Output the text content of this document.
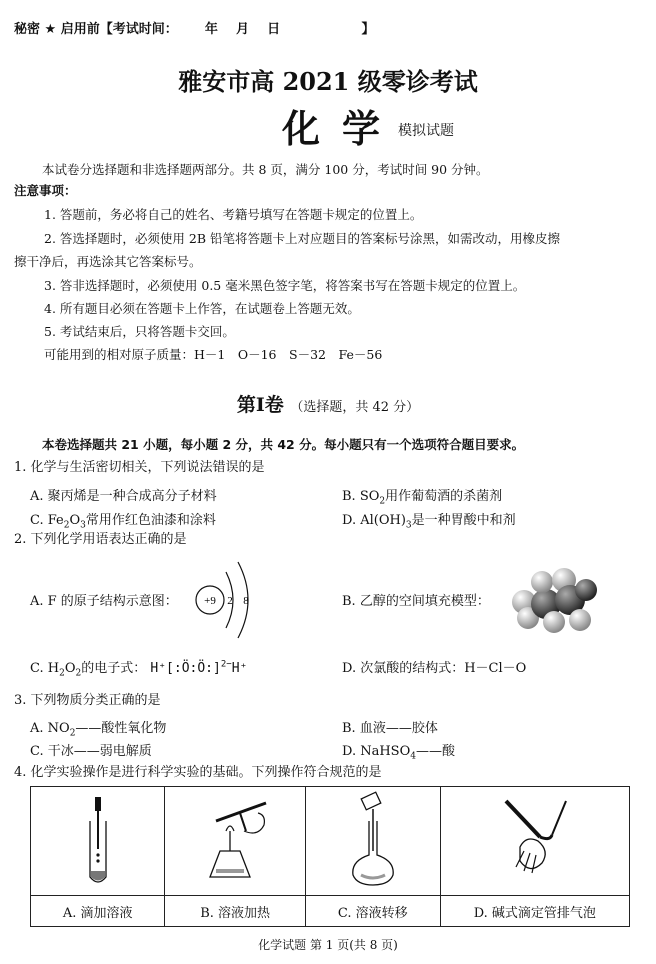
秘密 ★ 启用前【考试时间：      年    月    日                  】
雅安市高 2021 级零诊考试
化学
模拟试题
本试卷分选择题和非选择题两部分。共 8 页，满分 100 分，考试时间 90 分钟。
注意事项：
1. 答题前，务必将自己的姓名、考籍号填写在答题卡规定的位置上。
2. 答选择题时，必须使用 2B 铅笔将答题卡上对应题目的答案标号涂黑，如需改动，用橡皮擦
擦干净后，再选涂其它答案标号。
3. 答非选择题时，必须使用 0.5 毫米黑色签字笔，将答案书写在答题卡规定的位置上。
4. 所有题目必须在答题卡上作答，在试题卷上答题无效。
5. 考试结束后，只将答题卡交回。
可能用到的相对原子质量：H－1　O－16　S－32　Fe－56
第Ⅰ卷 （选择题，共 42 分）
本卷选择题共 21 小题，每小题 2 分，共 42 分。每小题只有一个选项符合题目要求。
1. 化学与生活密切相关，下列说法错误的是
A. 聚丙烯是一种合成高分子材料	B. $SO_2$用作葡萄酒的杀菌剂
C. $Fe_2O_3$常用作红色油漆和涂料	D. $Al(OH)_3$是一种胃酸中和剂
2. 下列化学用语表达正确的是
A. F 的原子结构示意图： +9 2 8	B. 乙醇的空间填充模型：
C. $H_2O_2$的电子式： H⁺[:Ö:Ö:]$^{2-}$H⁺	D. 次氯酸的结构式：H－Cl－O
3. 下列物质分类正确的是
A. $NO_2——$酸性氧化物	B. 血液——胶体
C. 干冰——弱电解质	D. NaHSO$_4$——酸
4. 化学实验操作是进行科学实验的基础。下列操作符合规范的是

A. 滴加溶液	B. 溶液加热	C. 溶液转移	D. 碱式滴定管排气泡
化学试题 第 1 页(共 8 页)
